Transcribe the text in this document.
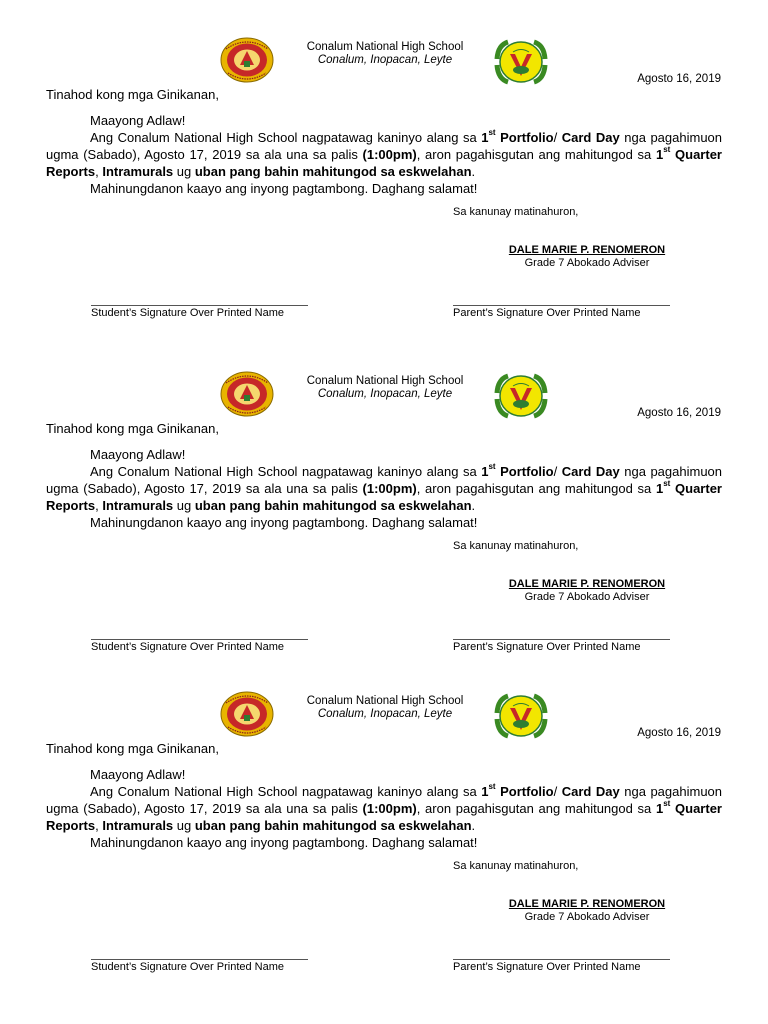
Conalum National High School
Conalum, Inopacan, Leyte
Agosto 16, 2019
Tinahod kong mga Ginikanan,
Maayong Adlaw!

Ang Conalum National High School nagpatawag kaninyo alang sa 1st Portfolio/ Card Day nga pagahimuon ugma (Sabado), Agosto 17, 2019 sa ala una sa palis (1:00pm), aron pagahisgutan ang mahitungod sa 1st Quarter Reports, Intramurals ug uban pang bahin mahitungod sa eskwelahan.

Mahinungdanon kaayo ang inyong pagtambong. Daghang salamat!

Sa kanunay matinahuron,
DALE MARIE P. RENOMERON
Grade 7 Abokado Adviser
Student’s Signature Over Printed Name	Parent’s Signature Over Printed Name
Conalum National High School
Conalum, Inopacan, Leyte
Agosto 16, 2019
Tinahod kong mga Ginikanan,
Maayong Adlaw!

Ang Conalum National High School nagpatawag kaninyo alang sa 1st Portfolio/ Card Day nga pagahimuon ugma (Sabado), Agosto 17, 2019 sa ala una sa palis (1:00pm), aron pagahisgutan ang mahitungod sa 1st Quarter Reports, Intramurals ug uban pang bahin mahitungod sa eskwelahan.

Mahinungdanon kaayo ang inyong pagtambong. Daghang salamat!

Sa kanunay matinahuron,
DALE MARIE P. RENOMERON
Grade 7 Abokado Adviser
Student’s Signature Over Printed Name	Parent’s Signature Over Printed Name
Conalum National High School
Conalum, Inopacan, Leyte
Agosto 16, 2019
Tinahod kong mga Ginikanan,
Maayong Adlaw!

Ang Conalum National High School nagpatawag kaninyo alang sa 1st Portfolio/ Card Day nga pagahimuon ugma (Sabado), Agosto 17, 2019 sa ala una sa palis (1:00pm), aron pagahisgutan ang mahitungod sa 1st Quarter Reports, Intramurals ug uban pang bahin mahitungod sa eskwelahan.

Mahinungdanon kaayo ang inyong pagtambong. Daghang salamat!

Sa kanunay matinahuron,
DALE MARIE P. RENOMERON
Grade 7 Abokado Adviser
Student’s Signature Over Printed Name	Parent’s Signature Over Printed Name
